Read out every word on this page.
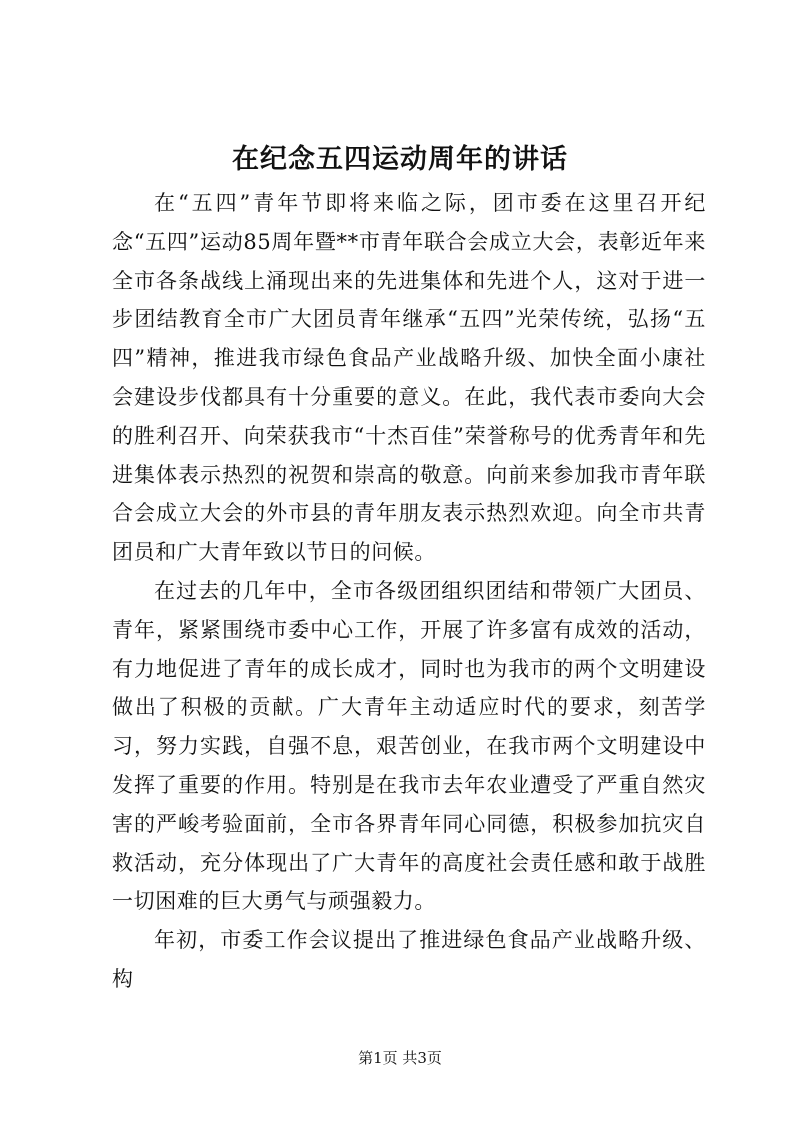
在纪念五四运动周年的讲话

在“五四”青年节即将来临之际，团市委在这里召开纪念“五四”运动85周年暨**市青年联合会成立大会，表彰近年来全市各条战线上涌现出来的先进集体和先进个人，这对于进一步团结教育全市广大团员青年继承“五四”光荣传统，弘扬“五四”精神，推进我市绿色食品产业战略升级、加快全面小康社会建设步伐都具有十分重要的意义。在此，我代表市委向大会的胜利召开、向荣获我市“十杰百佳”荣誉称号的优秀青年和先进集体表示热烈的祝贺和崇高的敬意。向前来参加我市青年联合会成立大会的外市县的青年朋友表示热烈欢迎。向全市共青团员和广大青年致以节日的问候。

在过去的几年中，全市各级团组织团结和带领广大团员、青年，紧紧围绕市委中心工作，开展了许多富有成效的活动，有力地促进了青年的成长成才，同时也为我市的两个文明建设做出了积极的贡献。广大青年主动适应时代的要求，刻苦学习，努力实践，自强不息，艰苦创业，在我市两个文明建设中发挥了重要的作用。特别是在我市去年农业遭受了严重自然灾害的严峻考验面前，全市各界青年同心同德，积极参加抗灾自救活动，充分体现出了广大青年的高度社会责任感和敢于战胜一切困难的巨大勇气与顽强毅力。

年初，市委工作会议提出了推进绿色食品产业战略升级、构

第1页 共3页
